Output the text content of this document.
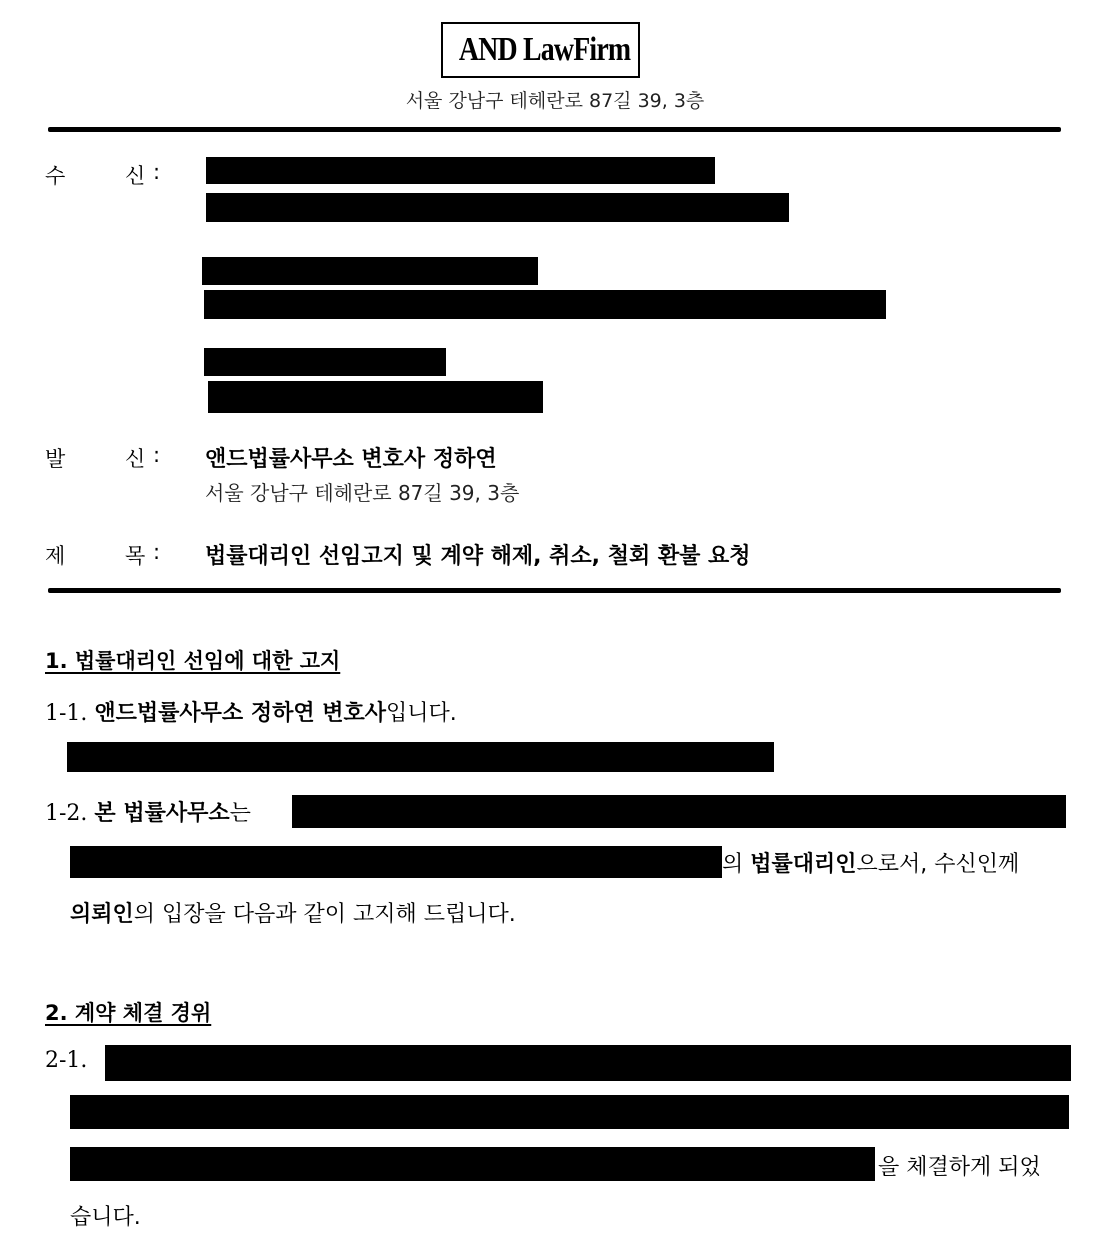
AND LawFirm
서울 강남구 테헤란로 87길 39, 3층
수	신 :
발	신 : 앤드법률사무소 변호사 정하연
서울 강남구 테헤란로 87길 39, 3층
제	목 : 법률대리인 선임고지 및 계약 해제, 취소, 철회 환불 요청
1. 법률대리인 선임에 대한 고지
1-1. 앤드법률사무소 정하연 변호사입니다.
1-2. 본 법률사무소는
의 법률대리인으로서, 수신인께
의뢰인의 입장을 다음과 같이 고지해 드립니다.
2. 계약 체결 경위
2-1.
을 체결하게 되었
습니다.
